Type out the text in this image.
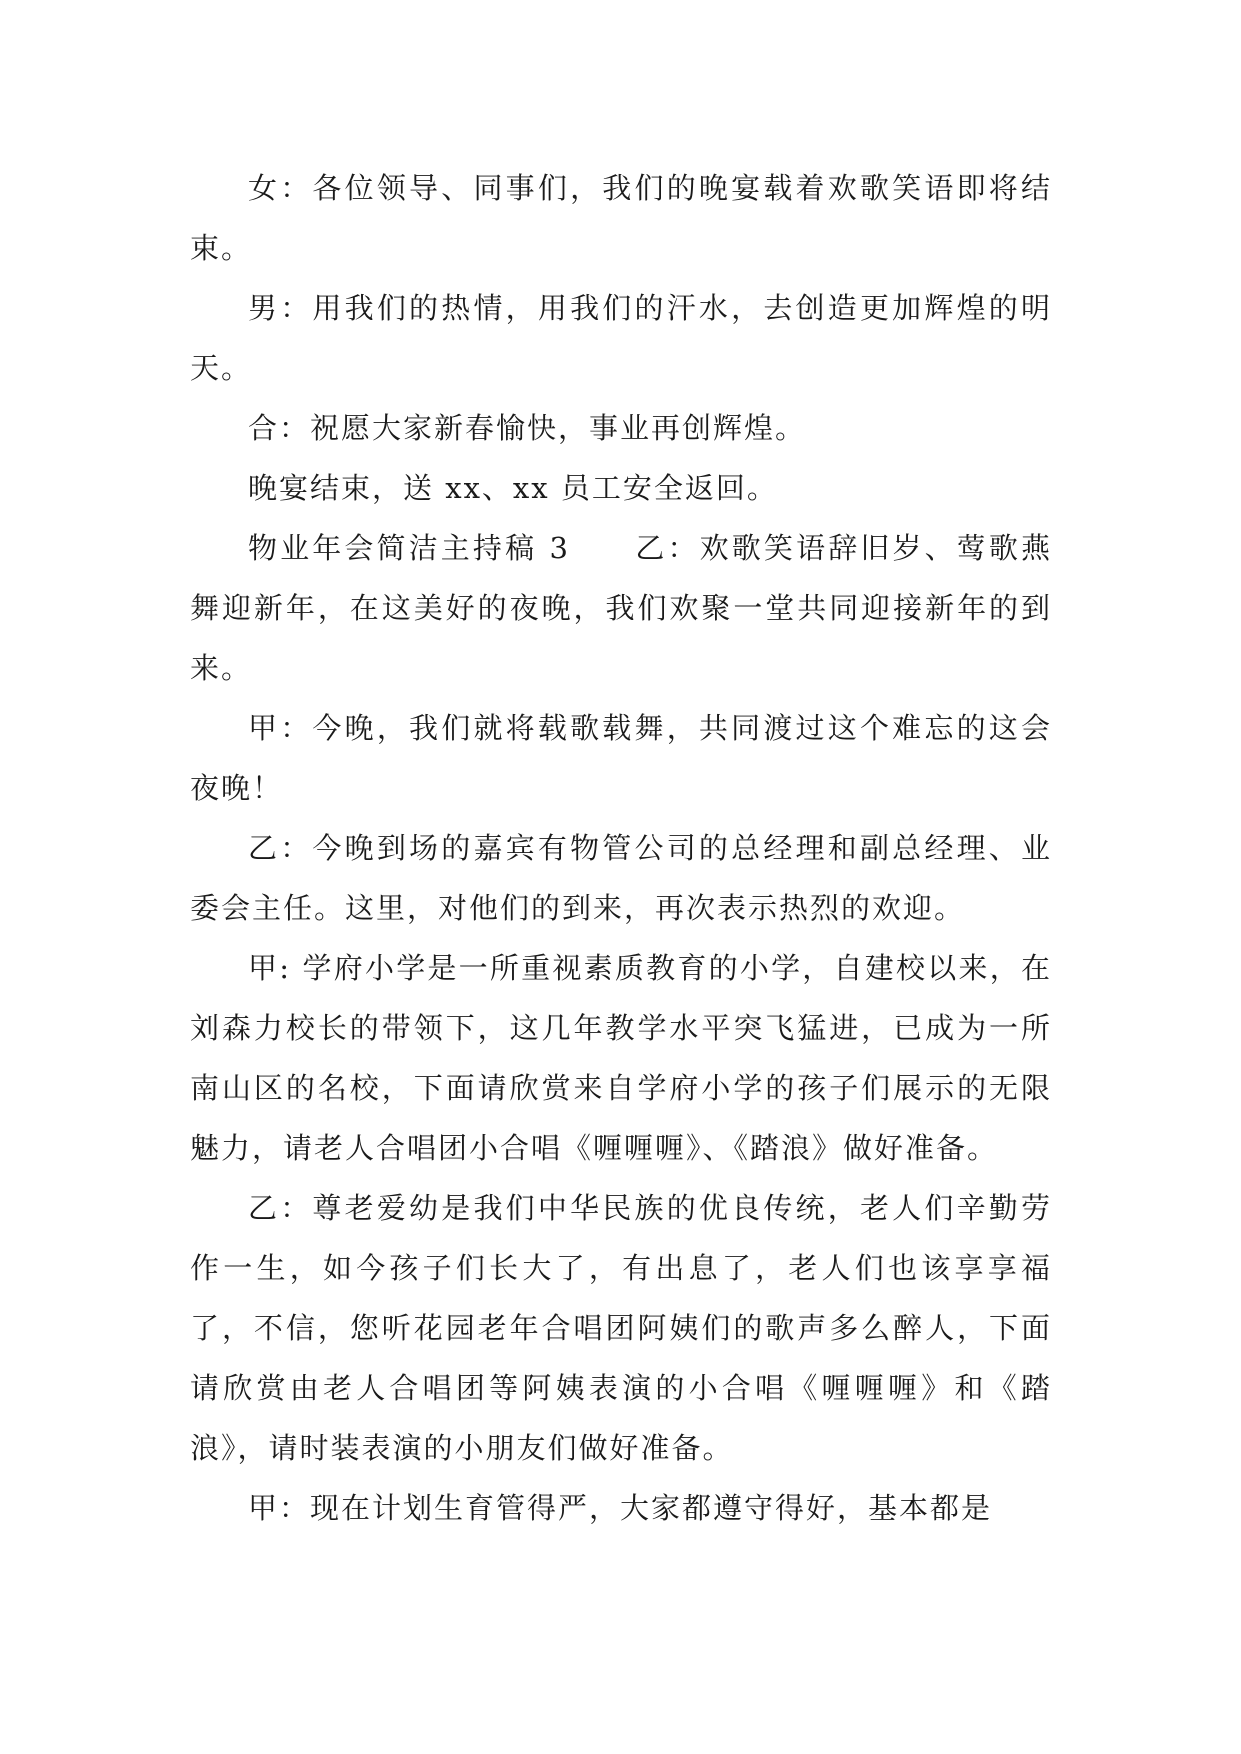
女：各位领导、同事们，我们的晚宴载着欢歌笑语即将结束。

男：用我们的热情，用我们的汗水，去创造更加辉煌的明天。

合：祝愿大家新春愉快，事业再创辉煌。

晚宴结束，送 xx、xx 员工安全返回。

物业年会简洁主持稿 3　　乙：欢歌笑语辞旧岁、莺歌燕舞迎新年，在这美好的夜晚，我们欢聚一堂共同迎接新年的到来。

甲：今晚，我们就将载歌载舞，共同渡过这个难忘的这会夜晚！

乙：今晚到场的嘉宾有物管公司的总经理和副总经理、业委会主任。这里，对他们的到来，再次表示热烈的欢迎。

甲: 学府小学是一所重视素质教育的小学，自建校以来，在刘森力校长的带领下，这几年教学水平突飞猛进，已成为一所南山区的名校，下面请欣赏来自学府小学的孩子们展示的无限魅力，请老人合唱团小合唱《喱喱喱》、《踏浪》做好准备。

乙：尊老爱幼是我们中华民族的优良传统，老人们辛勤劳作一生，如今孩子们长大了，有出息了，老人们也该享享福了，不信，您听花园老年合唱团阿姨们的歌声多么醉人，下面请欣赏由老人合唱团等阿姨表演的小合唱《喱喱喱》和《踏浪》，请时装表演的小朋友们做好准备。

甲：现在计划生育管得严，大家都遵守得好，基本都是
